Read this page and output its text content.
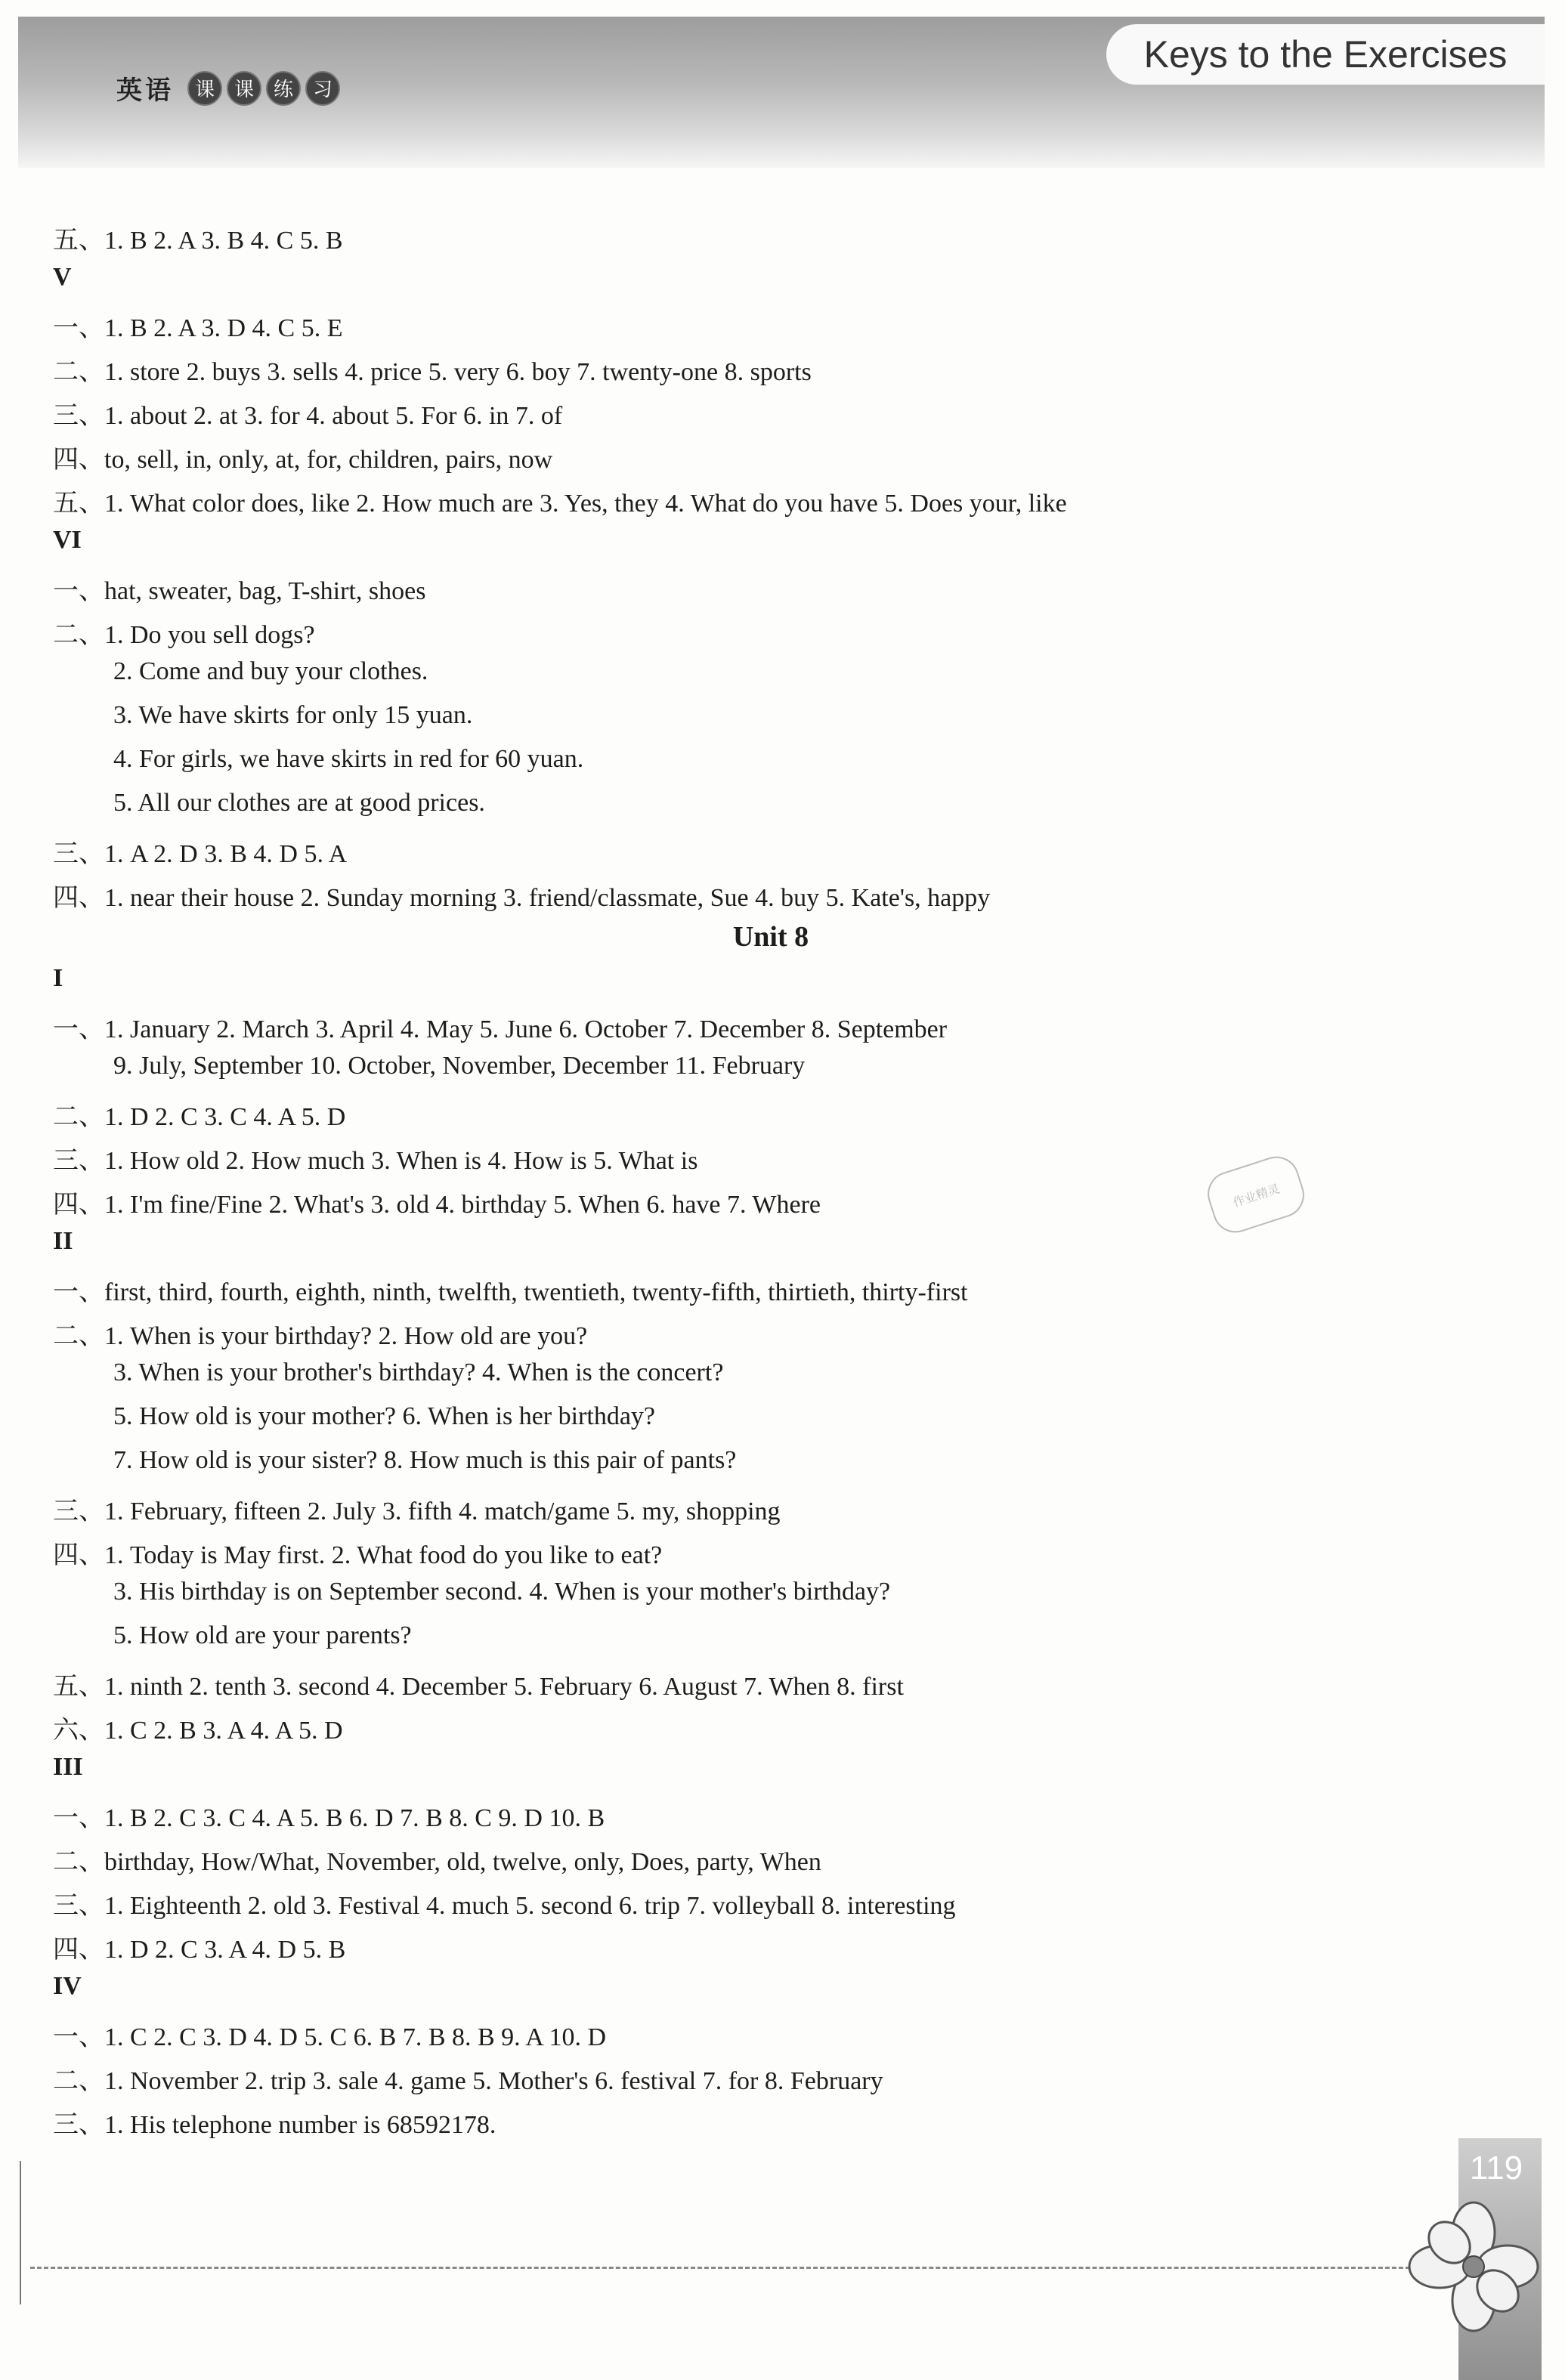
英语	课 课 练 习
Keys to the Exercises
Unit 8
五、1. B 2. A 3. B 4. C 5. B
V
一、1. B 2. A 3. D 4. C 5. E
二、1. store 2. buys 3. sells 4. price 5. very 6. boy 7. twenty-one 8. sports
三、1. about 2. at 3. for 4. about 5. For 6. in 7. of
四、to, sell, in, only, at, for, children, pairs, now
五、1. What color does, like 2. How much are 3. Yes, they 4. What do you have 5. Does your, like
VI
一、hat, sweater, bag, T-shirt, shoes
二、1. Do you sell dogs?
2. Come and buy your clothes.
3. We have skirts for only 15 yuan.
4. For girls, we have skirts in red for 60 yuan.
5. All our clothes are at good prices.
三、1. A 2. D 3. B 4. D 5. A
四、1. near their house 2. Sunday morning 3. friend/classmate, Sue 4. buy 5. Kate's, happy
I
一、1. January 2. March 3. April 4. May 5. June 6. October 7. December 8. September
9. July, September 10. October, November, December 11. February
二、1. D 2. C 3. C 4. A 5. D
三、1. How old 2. How much 3. When is 4. How is 5. What is
四、1. I'm fine/Fine 2. What's 3. old 4. birthday 5. When 6. have 7. Where
II
一、first, third, fourth, eighth, ninth, twelfth, twentieth, twenty-fifth, thirtieth, thirty-first
二、1. When is your birthday? 2. How old are you?
3. When is your brother's birthday? 4. When is the concert?
5. How old is your mother? 6. When is her birthday?
7. How old is your sister? 8. How much is this pair of pants?
三、1. February, fifteen 2. July 3. fifth 4. match/game 5. my, shopping
四、1. Today is May first. 2. What food do you like to eat?
3. His birthday is on September second. 4. When is your mother's birthday?
5. How old are your parents?
五、1. ninth 2. tenth 3. second 4. December 5. February 6. August 7. When 8. first
六、1. C 2. B 3. A 4. A 5. D
III
一、1. B 2. C 3. C 4. A 5. B 6. D 7. B 8. C 9. D 10. B
二、birthday, How/What, November, old, twelve, only, Does, party, When
三、1. Eighteenth 2. old 3. Festival 4. much 5. second 6. trip 7. volleyball 8. interesting
四、1. D 2. C 3. A 4. D 5. B
IV
一、1. C 2. C 3. D 4. D 5. C 6. B 7. B 8. B 9. A 10. D
二、1. November 2. trip 3. sale 4. game 5. Mother's 6. festival 7. for 8. February
三、1. His telephone number is 68592178.
作业精灵
119
